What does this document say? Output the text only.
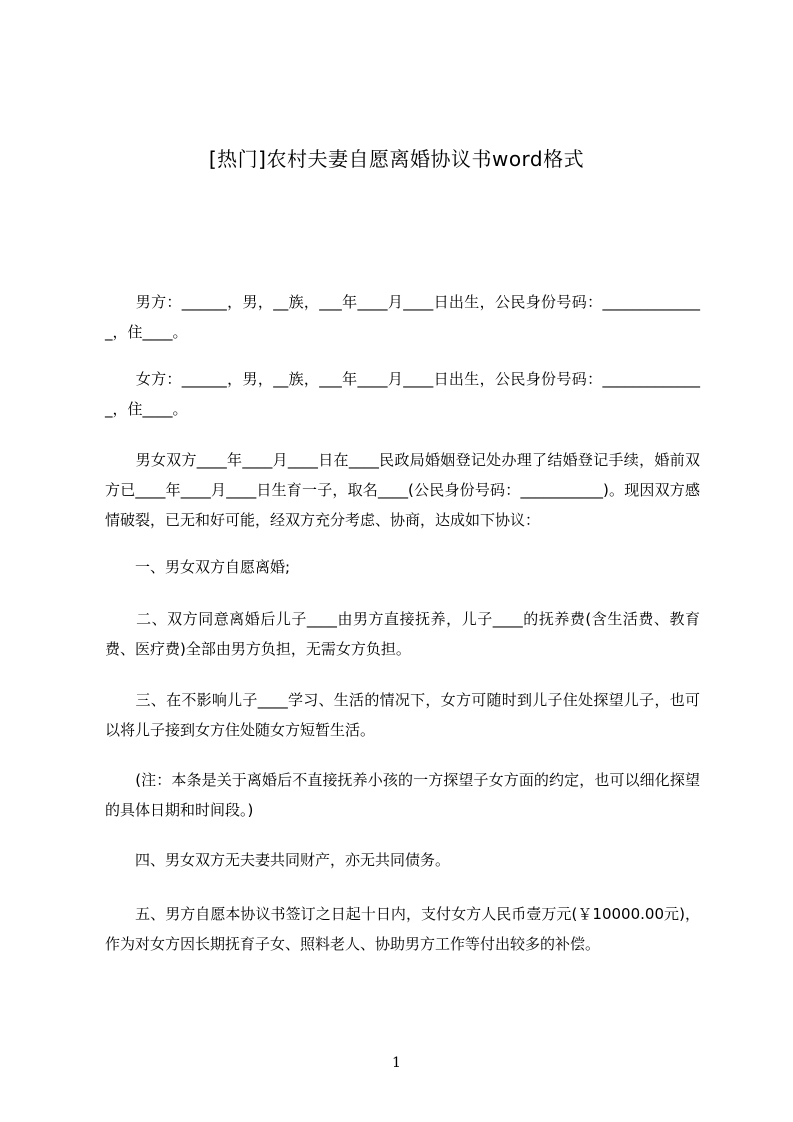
[热门]农村夫妻自愿离婚协议书word格式
　　男方：______，男，__族，___年____月____日出生，公民身份号码：______________，住____。
　　女方：______，男，__族，___年____月____日出生，公民身份号码：______________，住____。
　　男女双方____年____月____日在____民政局婚姻登记处办理了结婚登记手续，婚前双方已____年____月____日生育一子，取名____(公民身份号码：___________)。现因双方感情破裂，已无和好可能，经双方充分考虑、协商，达成如下协议：
　　一、男女双方自愿离婚;
　　二、双方同意离婚后儿子____由男方直接抚养，儿子____的抚养费(含生活费、教育费、医疗费)全部由男方负担，无需女方负担。
　　三、在不影响儿子____学习、生活的情况下，女方可随时到儿子住处探望儿子，也可以将儿子接到女方住处随女方短暂生活。
　　(注：本条是关于离婚后不直接抚养小孩的一方探望子女方面的约定，也可以细化探望的具体日期和时间段。)
　　四、男女双方无夫妻共同财产，亦无共同债务。
　　五、男方自愿本协议书签订之日起十日内，支付女方人民币壹万元(￥10000.00元)，作为对女方因长期抚育子女、照料老人、协助男方工作等付出较多的补偿。
1
